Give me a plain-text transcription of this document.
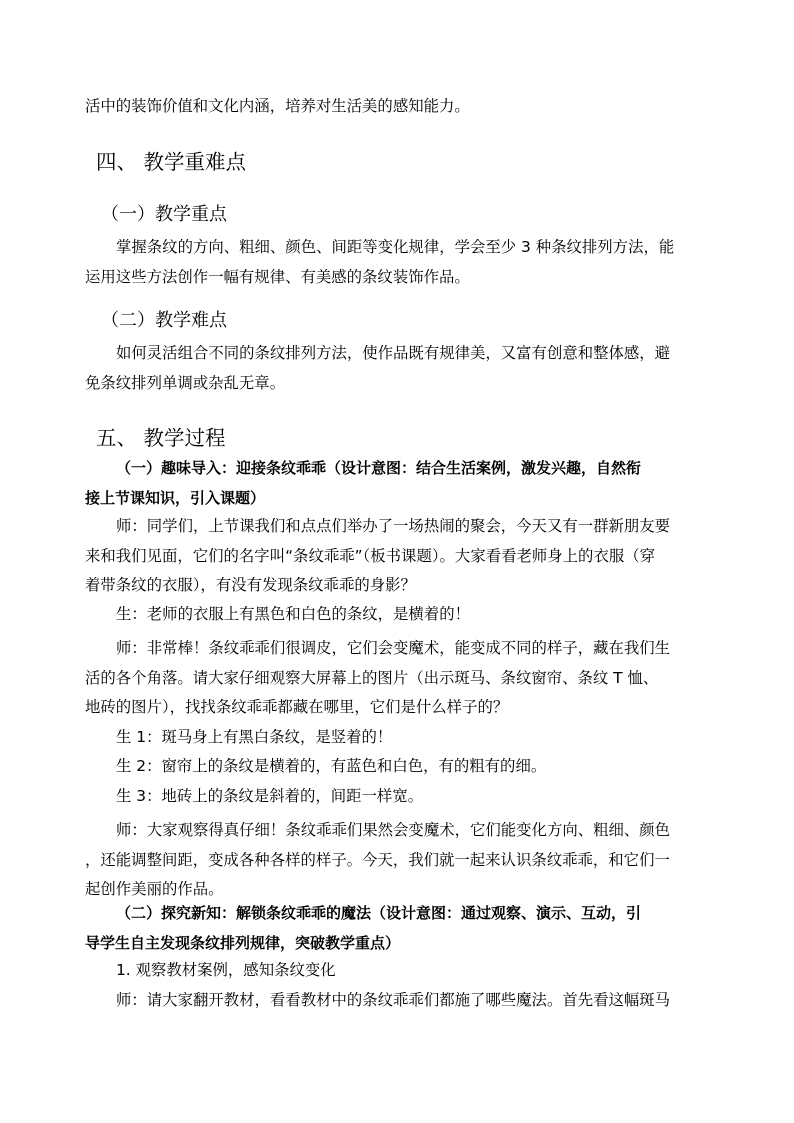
活中的装饰价值和文化内涵，培养对生活美的感知能力。

四、 教学重难点
（一）教学重点

掌握条纹的方向、粗细、颜色、间距等变化规律，学会至少 3 种条纹排列方法，能
运用这些方法创作一幅有规律、有美感的条纹装饰作品。

（二）教学难点

如何灵活组合不同的条纹排列方法，使作品既有规律美，又富有创意和整体感，避
免条纹排列单调或杂乱无章。

五、 教学过程

（一）趣味导入：迎接条纹乖乖（设计意图：结合生活案例，激发兴趣，自然衔
接上节课知识，引入课题）

师：同学们，上节课我们和点点们举办了一场热闹的聚会，今天又有一群新朋友要
来和我们见面，它们的名字叫“条纹乖乖”（板书课题）。大家看看老师身上的衣服（穿
着带条纹的衣服），有没有发现条纹乖乖的身影？

生：老师的衣服上有黑色和白色的条纹，是横着的！

师：非常棒！条纹乖乖们很调皮，它们会变魔术，能变成不同的样子，藏在我们生
活的各个角落。请大家仔细观察大屏幕上的图片（出示斑马、条纹窗帘、条纹 T 恤、
地砖的图片），找找条纹乖乖都藏在哪里，它们是什么样子的？

生 1：斑马身上有黑白条纹，是竖着的！

生 2：窗帘上的条纹是横着的，有蓝色和白色，有的粗有的细。

生 3：地砖上的条纹是斜着的，间距一样宽。

师：大家观察得真仔细！条纹乖乖们果然会变魔术，它们能变化方向、粗细、颜色
，还能调整间距，变成各种各样的样子。今天，我们就一起来认识条纹乖乖，和它们一
起创作美丽的作品。

（二）探究新知：解锁条纹乖乖的魔法（设计意图：通过观察、演示、互动，引
导学生自主发现条纹排列规律，突破教学重点）

1. 观察教材案例，感知条纹变化

师：请大家翻开教材，看看教材中的条纹乖乖们都施了哪些魔法。首先看这幅斑马
